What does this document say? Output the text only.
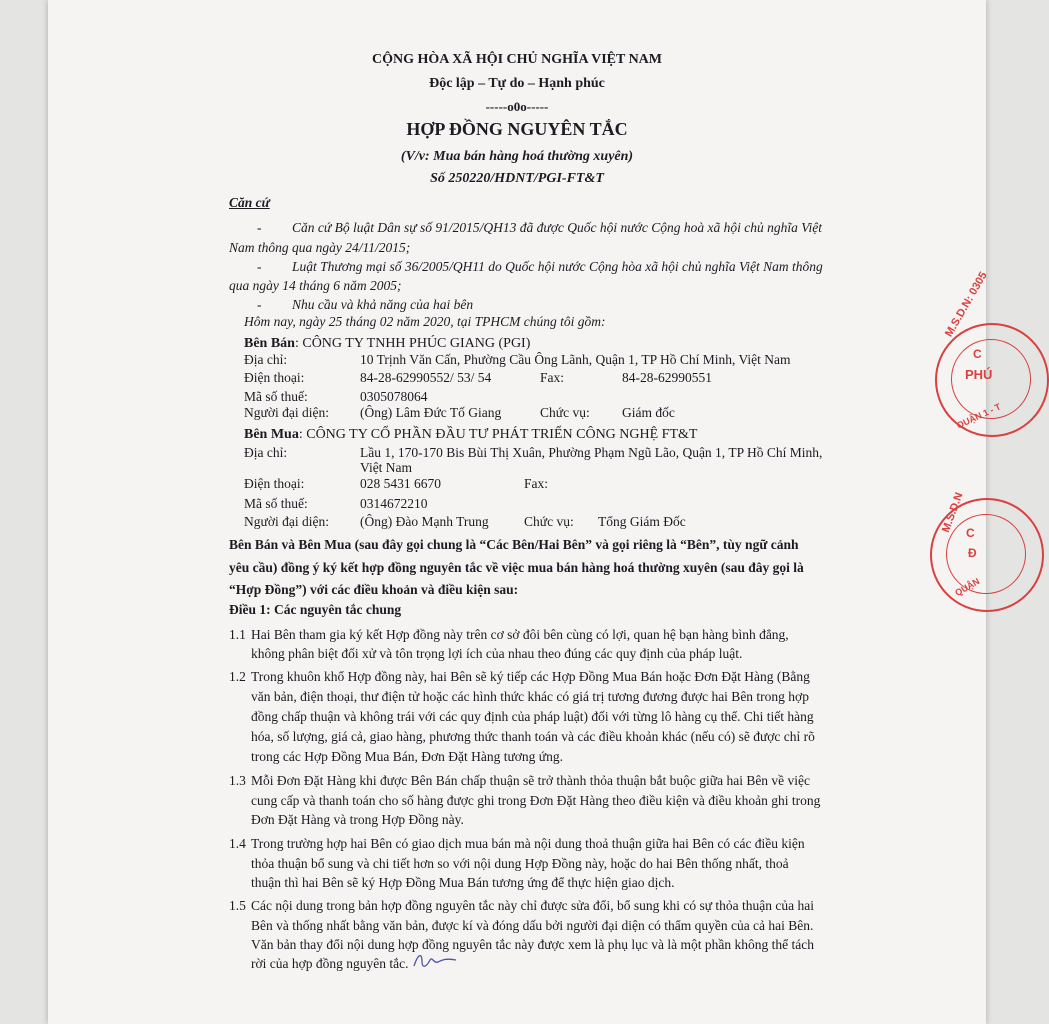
CỘNG HÒA XÃ HỘI CHỦ NGHĨA VIỆT NAM
Độc lập – Tự do – Hạnh phúc
-----o0o-----
HỢP ĐỒNG NGUYÊN TẮC
(V/v: Mua bán hàng hoá thường xuyên)
Số 250220/HDNT/PGI-FT&T
Căn cứ
- Căn cứ Bộ luật Dân sự số 91/2015/QH13 đã được Quốc hội nước Cộng hoà xã hội chủ nghĩa Việt
Nam thông qua ngày 24/11/2015;
- Luật Thương mại số 36/2005/QH11 do Quốc hội nước Cộng hòa xã hội chủ nghĩa Việt Nam thông
qua ngày 14 tháng 6 năm 2005;
- Nhu cầu và khả năng của hai bên
Hôm nay, ngày 25 tháng 02 năm 2020, tại TPHCM chúng tôi gồm:
Bên Bán: CÔNG TY TNHH PHÚC GIANG (PGI)
Địa chỉ:	10 Trịnh Văn Cấn, Phường Cầu Ông Lãnh, Quận 1, TP Hồ Chí Minh, Việt Nam
Điện thoại:	84-28-62990552/ 53/ 54	Fax:	84-28-62990551
Mã số thuế:	0305078064
Người đại diện: (Ông) Lâm Đức Tố Giang	Chức vụ: Giám đốc
Bên Mua: CÔNG TY CỔ PHẦN ĐẦU TƯ PHÁT TRIỂN CÔNG NGHỆ FT&T
Địa chỉ:	Lầu 1, 170-170 Bis Bùi Thị Xuân, Phường Phạm Ngũ Lão, Quận 1, TP Hồ Chí Minh,
Việt Nam
Điện thoại:	028 5431 6670	Fax:
Mã số thuế:	0314672210
Người đại diện: (Ông) Đào Mạnh Trung	Chức vụ: Tổng Giám Đốc
Bên Bán và Bên Mua (sau đây gọi chung là “Các Bên/Hai Bên” và gọi riêng là “Bên”, tùy ngữ cảnh
yêu cầu) đồng ý ký kết hợp đồng nguyên tắc về việc mua bán hàng hoá thường xuyên (sau đây gọi là
“Hợp Đồng”) với các điều khoản và điều kiện sau:
Điều 1: Các nguyên tắc chung
1.1 Hai Bên tham gia ký kết Hợp đồng này trên cơ sở đôi bên cùng có lợi, quan hệ bạn hàng bình đẳng,
không phân biệt đối xử và tôn trọng lợi ích của nhau theo đúng các quy định của pháp luật.
1.2 Trong khuôn khổ Hợp đồng này, hai Bên sẽ ký tiếp các Hợp Đồng Mua Bán hoặc Đơn Đặt Hàng (Bằng
văn bản, điện thoại, thư điện tử hoặc các hình thức khác có giá trị tương đương được hai Bên trong hợp
đồng chấp thuận và không trái với các quy định của pháp luật) đối với từng lô hàng cụ thể. Chi tiết hàng
hóa, số lượng, giá cả, giao hàng, phương thức thanh toán và các điều khoản khác (nếu có) sẽ được chỉ rõ
trong các Hợp Đồng Mua Bán, Đơn Đặt Hàng tương ứng.
1.3 Mỗi Đơn Đặt Hàng khi được Bên Bán chấp thuận sẽ trở thành thỏa thuận bắt buộc giữa hai Bên về việc
cung cấp và thanh toán cho số hàng được ghi trong Đơn Đặt Hàng theo điều kiện và điều khoản ghi trong
Đơn Đặt Hàng và trong Hợp Đồng này.
1.4 Trong trường hợp hai Bên có giao dịch mua bán mà nội dung thoả thuận giữa hai Bên có các điều kiện
thỏa thuận bổ sung và chi tiết hơn so với nội dung Hợp Đồng này, hoặc do hai Bên thống nhất, thoả
thuận thì hai Bên sẽ ký Hợp Đồng Mua Bán tương ứng để thực hiện giao dịch.
1.5 Các nội dung trong bản hợp đồng nguyên tắc này chỉ được sửa đổi, bổ sung khi có sự thỏa thuận của hai
Bên và thống nhất bằng văn bản, được kí và đóng dấu bởi người đại diện có thẩm quyền của cả hai Bên.
Văn bản thay đổi nội dung hợp đồng nguyên tắc này được xem là phụ lục và là một phần không thể tách
rời của hợp đồng nguyên tắc.
M.S.D.N: 0305
PHÚ
C
QUẬN 1 - T
M.S.D.N
Đ
C
QUẬN
